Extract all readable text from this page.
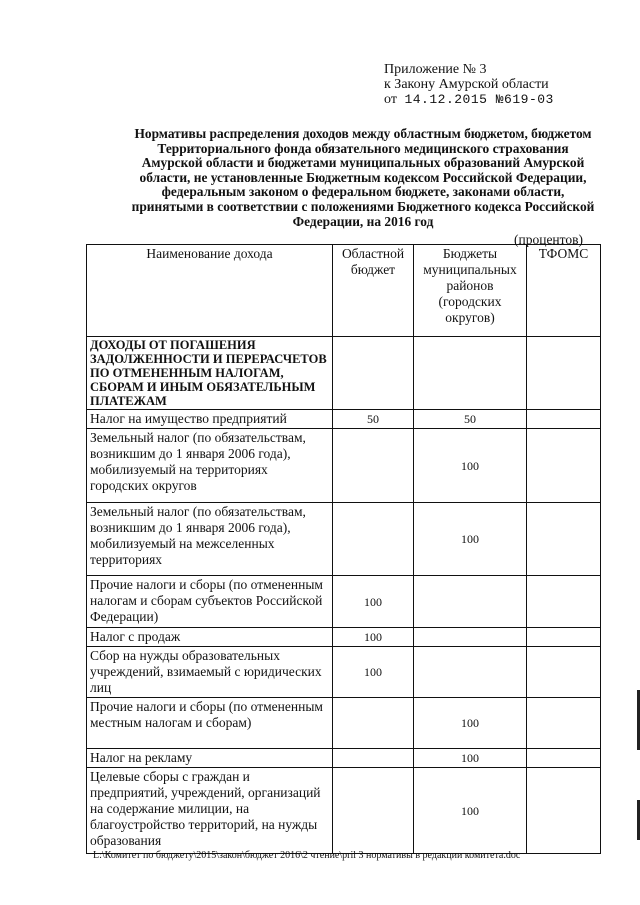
Приложение № 3
к Закону Амурской области
от 14.12.2015 №619-03
Нормативы распределения доходов между областным бюджетом, бюджетом Территориального фонда обязательного медицинского страхования Амурской области и бюджетами муниципальных образований Амурской области, не установленные Бюджетным кодексом Российской Федерации, федеральным законом о федеральном бюджете, законами области, принятыми в соответствии с положениями Бюджетного кодекса Российской Федерации, на 2016 год
(процентов)
Наименование дохода	Областной бюджет	Бюджеты муниципальных районов (городских округов)	ТФОМС
ДОХОДЫ ОТ ПОГАШЕНИЯ ЗАДОЛЖЕННОСТИ И ПЕРЕРАСЧЕТОВ ПО ОТМЕНЕННЫМ НАЛОГАМ, СБОРАМ И ИНЫМ ОБЯЗАТЕЛЬНЫМ ПЛАТЕЖАМ			
Налог на имущество предприятий	50	50	
Земельный налог (по обязательствам, возникшим до 1 января 2006 года), мобилизуемый на территориях городских округов		100	
Земельный налог (по обязательствам, возникшим до 1 января 2006 года), мобилизуемый на межселенных территориях		100	
Прочие налоги и сборы (по отмененным налогам и сборам субъектов Российской Федерации)	100		
Налог с продаж	100		
Сбор на нужды образовательных учреждений, взимаемый с юридических лиц	100		
Прочие налоги и сборы (по отмененным местным налогам и сборам)		100	
Налог на рекламу		100	
Целевые сборы с граждан и предприятий, учреждений, организаций на содержание милиции, на благоустройство территорий, на нужды образования		100	
L:\Комитет по бюджету\2015\закон\бюджет 2016\2 чтение\pril 3 нормативы в редакции комитета.doc
